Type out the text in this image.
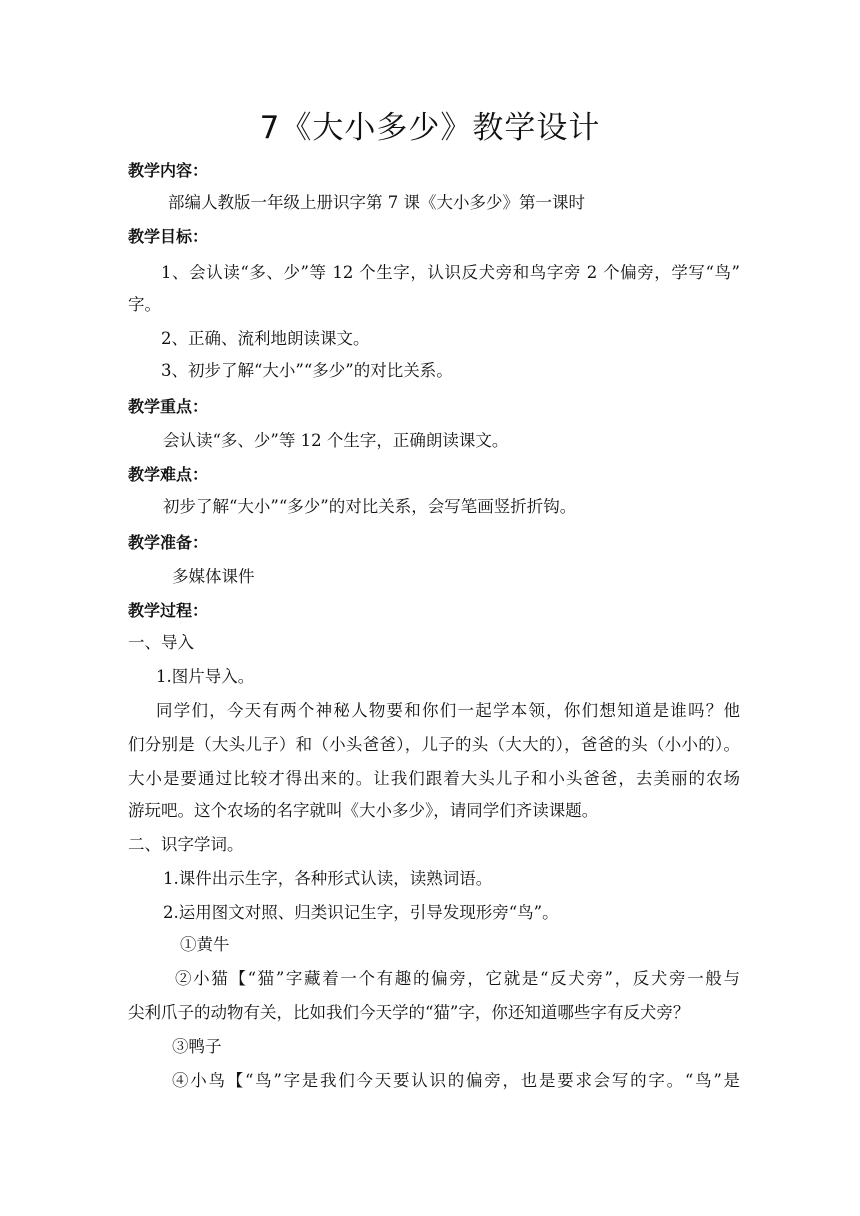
7《大小多少》教学设计
教学内容：
部编人教版一年级上册识字第 7 课《大小多少》第一课时
教学目标：
1、会认读“多、少”等 12 个生字，认识反犬旁和鸟字旁 2 个偏旁，学写“鸟”
字。
2、正确、流利地朗读课文。
3、初步了解“大小”“多少”的对比关系。
教学重点：
会认读“多、少”等 12 个生字，正确朗读课文。
教学难点：
初步了解“大小”“多少”的对比关系，会写笔画竖折折钩。
教学准备：
多媒体课件
教学过程：
一、导入
1.图片导入。
同学们，今天有两个神秘人物要和你们一起学本领，你们想知道是谁吗？他
们分别是（大头儿子）和（小头爸爸），儿子的头（大大的），爸爸的头（小小的）。
大小是要通过比较才得出来的。让我们跟着大头儿子和小头爸爸，去美丽的农场
游玩吧。这个农场的名字就叫《大小多少》，请同学们齐读课题。
二、识字学词。
1.课件出示生字，各种形式认读，读熟词语。
2.运用图文对照、归类识记生字，引导发现形旁“鸟”。
①黄牛
②小猫【“猫”字藏着一个有趣的偏旁，它就是“反犬旁”，反犬旁一般与
尖利爪子的动物有关，比如我们今天学的“猫”字，你还知道哪些字有反犬旁？
③鸭子
④小鸟【“鸟”字是我们今天要认识的偏旁，也是要求会写的字。“鸟”是
